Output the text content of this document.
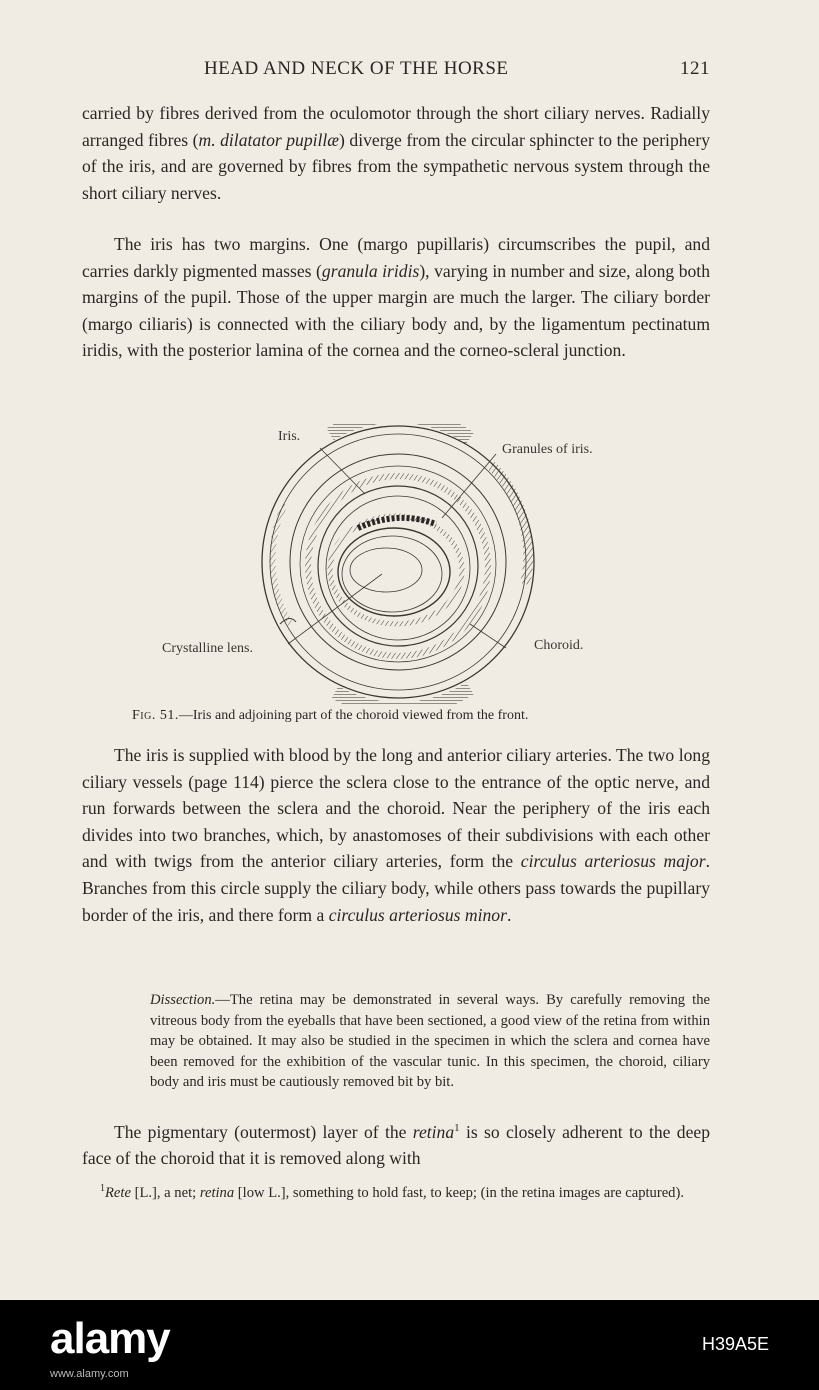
HEAD AND NECK OF THE HORSE	121

carried by fibres derived from the oculomotor through the short ciliary nerves. Radially arranged fibres (m. dilatator pupillæ) diverge from the circular sphincter to the periphery of the iris, and are governed by fibres from the sympathetic nervous system through the short ciliary nerves.

The iris has two margins. One (margo pupillaris) circumscribes the pupil, and carries darkly pigmented masses (granula iridis), varying in number and size, along both margins of the pupil. Those of the upper margin are much the larger. The ciliary border (margo ciliaris) is connected with the ciliary body and, by the ligamentum pectinatum iridis, with the posterior lamina of the cornea and the corneo-scleral junction.

Iris.
Granules of iris.
Crystalline lens.	Choroid.
Fig. 51.—Iris and adjoining part of the choroid viewed from the front.

The iris is supplied with blood by the long and anterior ciliary arteries. The two long ciliary vessels (page 114) pierce the sclera close to the entrance of the optic nerve, and run forwards between the sclera and the choroid. Near the periphery of the iris each divides into two branches, which, by anastomoses of their subdivisions with each other and with twigs from the anterior ciliary arteries, form the circulus arteriosus major. Branches from this circle supply the ciliary body, while others pass towards the pupillary border of the iris, and there form a circulus arteriosus minor.

Dissection.—The retina may be demonstrated in several ways. By carefully removing the vitreous body from the eyeballs that have been sectioned, a good view of the retina from within may be obtained. It may also be studied in the specimen in which the sclera and cornea have been removed for the exhibition of the vascular tunic. In this specimen, the choroid, ciliary body and iris must be cautiously removed bit by bit.

The pigmentary (outermost) layer of the retina$^1$ is so closely adherent to the deep face of the choroid that it is removed along with

$^1$Rete [L.], a net; retina [low L.], something to hold fast, to keep; (in the retina images are captured).

alamy	H39A5E
www.alamy.com
